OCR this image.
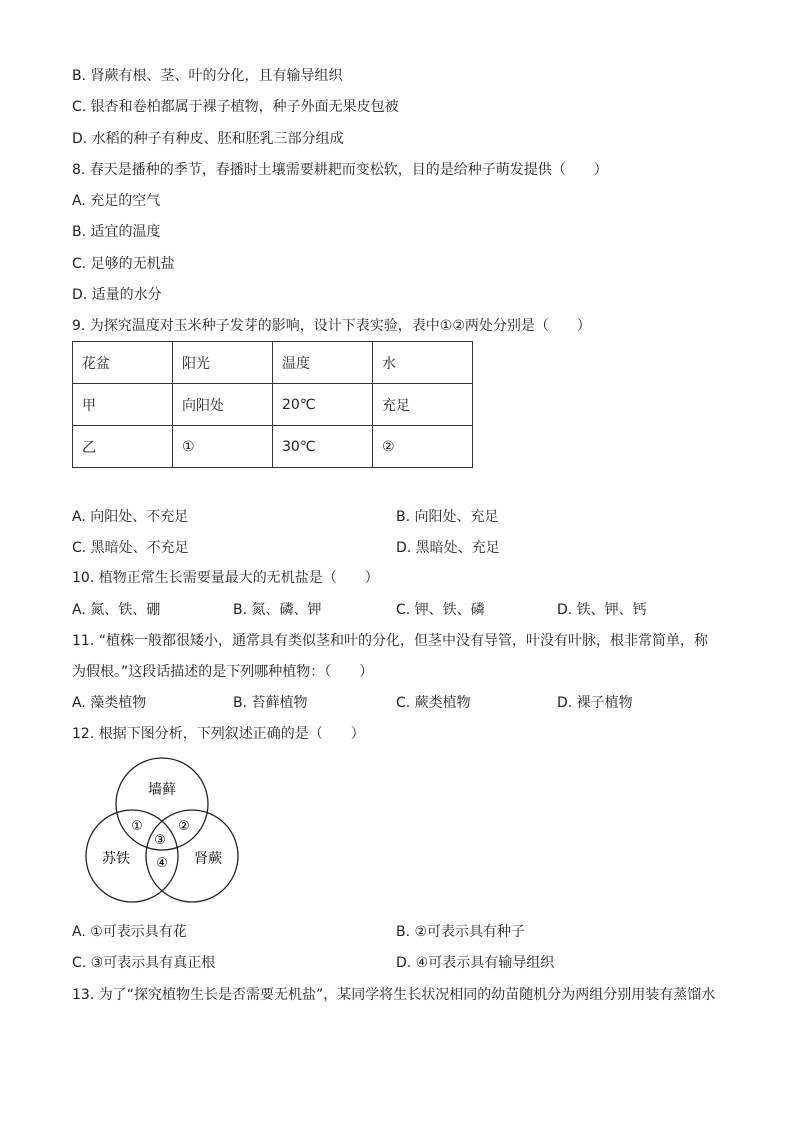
B. 肾蕨有根、茎、叶的分化，且有输导组织
C. 银杏和卷柏都属于裸子植物，种子外面无果皮包被
D. 水稻的种子有种皮、胚和胚乳三部分组成
8. 春天是播种的季节，春播时土壤需要耕耙而变松软，目的是给种子萌发提供（　　）
A. 充足的空气
B. 适宜的温度
C. 足够的无机盐
D. 适量的水分
9. 为探究温度对玉米种子发芽的影响，设计下表实验，表中①②两处分别是（　　）
花盆	阳光	温度	水
甲	向阳处	20℃	充足
乙	①	30℃	②
A. 向阳处、不充足	B. 向阳处、充足
C. 黑暗处、不充足	D. 黑暗处、充足
10. 植物正常生长需要量最大的无机盐是（　　）
A. 氮、铁、硼	B. 氮、磷、钾	C. 钾、铁、磷	D. 铁、钾、钙
11. “植株一般都很矮小，通常具有类似茎和叶的分化，但茎中没有导管，叶没有叶脉，根非常简单，称
为假根。”这段话描述的是下列哪种植物：（　　）
A. 藻类植物	B. 苔藓植物	C. 蕨类植物	D. 裸子植物
12. 根据下图分析，下列叙述正确的是（　　）
墙藓
苏铁	肾蕨
①	②
③
④
A. ①可表示具有花	B. ②可表示具有种子
C. ③可表示具有真正根	D. ④可表示具有输导组织
13. 为了“探究植物生长是否需要无机盐”，某同学将生长状况相同的幼苗随机分为两组分别用装有蒸馏水
